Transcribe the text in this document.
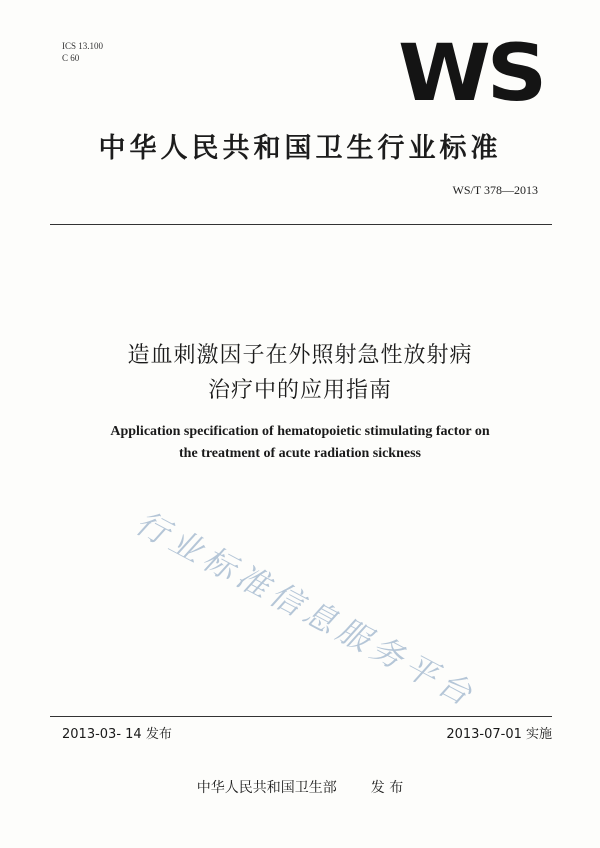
ICS 13.100
C 60	WS
中华人民共和国卫生行业标准
WS/T 378—2013
造血刺激因子在外照射急性放射病
治疗中的应用指南
Application specification of hematopoietic stimulating factor on
the treatment of acute radiation sickness
行业标准信息服务平台
2013-03- 14 发布	2013-07-01 实施
中华人民共和国卫生部 发 布
